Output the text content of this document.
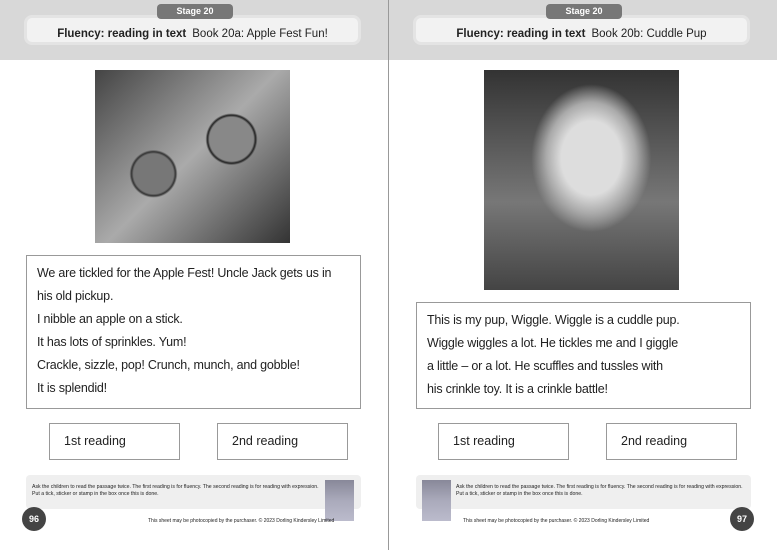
Fluency: reading in text Book 20a: Apple Fest Fun!
Stage 20
We are tickled for the Apple Fest! Uncle Jack gets us in
his old pickup.
I nibble an apple on a stick.
It has lots of sprinkles. Yum!
Crackle, sizzle, pop! Crunch, munch, and gobble!
It is splendid!
1st reading	2nd reading
Ask the children to read the passage twice. The first reading is for fluency. The second reading is for reading with expression. Put a tick, sticker or stamp in the box once this is done.
96	This sheet may be photocopied by the purchaser. © 2023 Dorling Kindersley Limited
Fluency: reading in text Book 20b: Cuddle Pup
Stage 20
This is my pup, Wiggle. Wiggle is a cuddle pup.
Wiggle wiggles a lot. He tickles me and I giggle
a little – or a lot. He scuffles and tussles with
his crinkle toy. It is a crinkle battle!
1st reading	2nd reading
Ask the children to read the passage twice. The first reading is for fluency. The second reading is for reading with expression. Put a tick, sticker or stamp in the box once this is done.
97
This sheet may be photocopied by the purchaser. © 2023 Dorling Kindersley Limited
